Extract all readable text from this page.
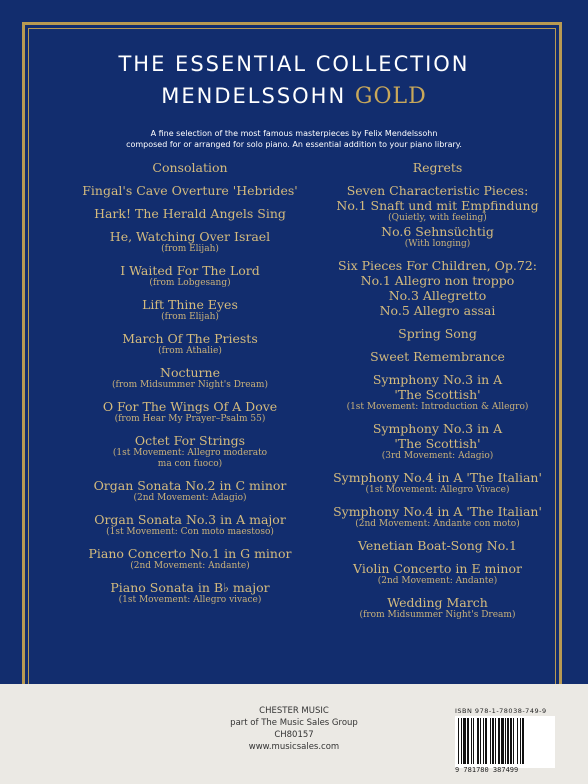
THE ESSENTIAL COLLECTION
MENDELSSOHN GOLD
A fine selection of the most famous masterpieces by Felix Mendelssohn
composed for or arranged for solo piano. An essential addition to your piano library.
Consolation
Fingal's Cave Overture 'Hebrides'
Hark! The Herald Angels Sing
He, Watching Over Israel
(from Elijah)
I Waited For The Lord
(from Lobgesang)
Lift Thine Eyes
(from Elijah)
March Of The Priests
(from Athalie)
Nocturne
(from Midsummer Night's Dream)
O For The Wings Of A Dove
(from Hear My Prayer–Psalm 55)
Octet For Strings
(1st Movement: Allegro moderato
ma con fuoco)
Organ Sonata No.2 in C minor
(2nd Movement: Adagio)
Organ Sonata No.3 in A major
(1st Movement: Con moto maestoso)
Piano Concerto No.1 in G minor
(2nd Movement: Andante)
Piano Sonata in B♭ major
(1st Movement: Allegro vivace)
Regrets
Seven Characteristic Pieces:
No.1 Snaft und mit Empfindung
(Quietly, with feeling)
No.6 Sehnsüchtig
(With longing)
Six Pieces For Children, Op.72:
No.1 Allegro non troppo
No.3 Allegretto
No.5 Allegro assai
Spring Song
Sweet Remembrance
Symphony No.3 in A
'The Scottish'
(1st Movement: Introduction & Allegro)
Symphony No.3 in A
'The Scottish'
(3rd Movement: Adagio)
Symphony No.4 in A 'The Italian'
(1st Movement: Allegro Vivace)
Symphony No.4 in A 'The Italian'
(2nd Movement: Andante con moto)
Venetian Boat-Song No.1
Violin Concerto in E minor
(2nd Movement: Andante)
Wedding March
(from Midsummer Night's Dream)
CHESTER MUSIC
part of The Music Sales Group
CH80157
www.musicsales.com
ISBN 978-1-78038-749-9
9 781780 387499
